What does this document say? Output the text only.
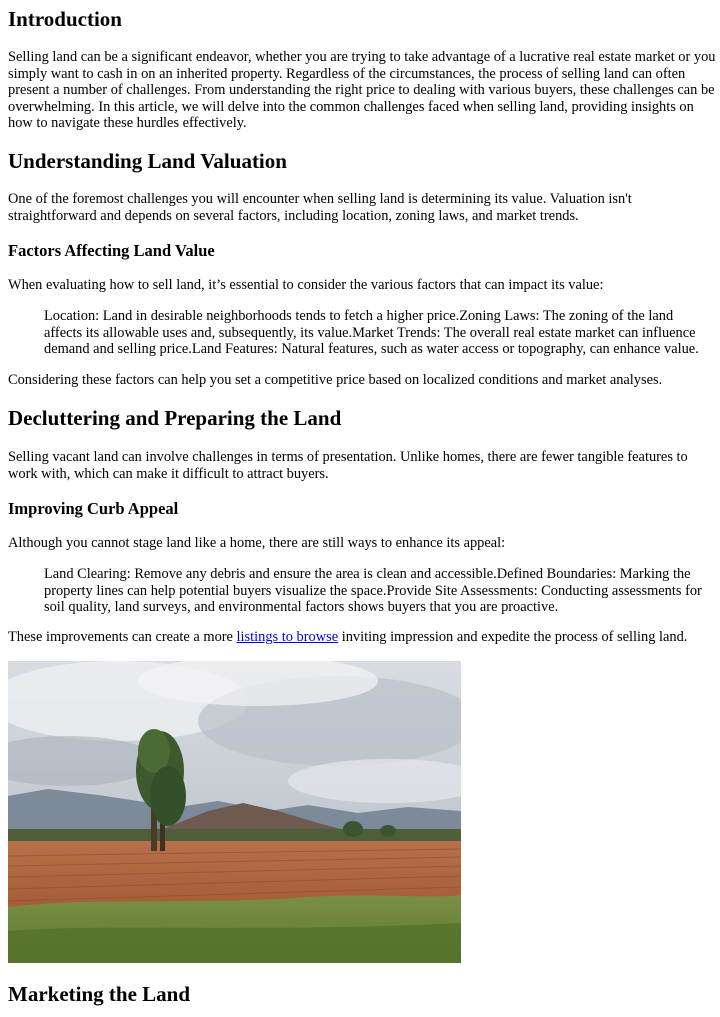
Introduction

Selling land can be a significant endeavor, whether you are trying to take advantage of a lucrative real estate market or you simply want to cash in on an inherited property. Regardless of the circumstances, the process of selling land can often present a number of challenges. From understanding the right price to dealing with various buyers, these challenges can be overwhelming. In this article, we will delve into the common challenges faced when selling land, providing insights on how to navigate these hurdles effectively.

Understanding Land Valuation

One of the foremost challenges you will encounter when selling land is determining its value. Valuation isn't straightforward and depends on several factors, including location, zoning laws, and market trends.

Factors Affecting Land Value

When evaluating how to sell land, it’s essential to consider the various factors that can impact its value:

Location: Land in desirable neighborhoods tends to fetch a higher price.Zoning Laws: The zoning of the land affects its allowable uses and, subsequently, its value.Market Trends: The overall real estate market can influence demand and selling price.Land Features: Natural features, such as water access or topography, can enhance value.

Considering these factors can help you set a competitive price based on localized conditions and market analyses.

Decluttering and Preparing the Land

Selling vacant land can involve challenges in terms of presentation. Unlike homes, there are fewer tangible features to work with, which can make it difficult to attract buyers.

Improving Curb Appeal

Although you cannot stage land like a home, there are still ways to enhance its appeal:

Land Clearing: Remove any debris and ensure the area is clean and accessible.Defined Boundaries: Marking the property lines can help potential buyers visualize the space.Provide Site Assessments: Conducting assessments for soil quality, land surveys, and environmental factors shows buyers that you are proactive.

These improvements can create a more listings to browse inviting impression and expedite the process of selling land.

Marketing the Land
